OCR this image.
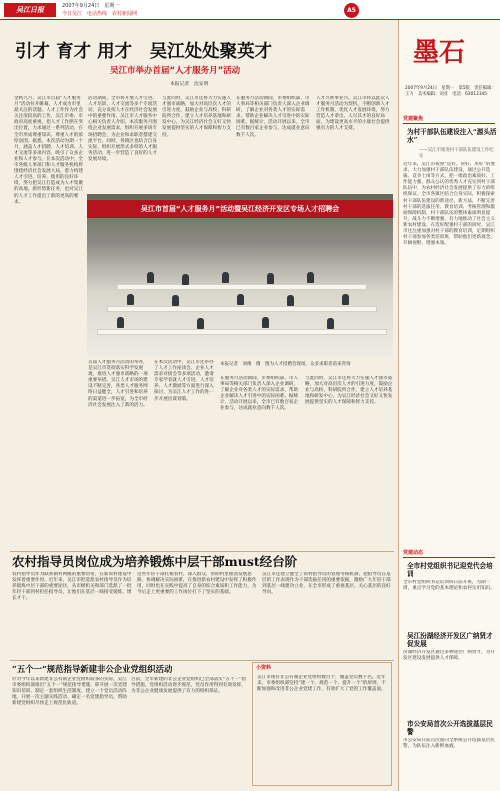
吴江日报	2007年9月24日　星期一
今日吴江　电话热线　农村新闻网	A5
引才 育才 用才　吴江处处聚英才
吴江市举办首届“人才服务月”活动
本报记者　沈安明
金秋九月，吴江市首届“人才服务月”活动拉开帷幕，人才成为市里最关注的话题。人才工作作为社会关注度较高的工作，吴江市委、市政府高度重视，把人才工作摆在突出位置，力求通过一系列活动，在全市形成尊重知识、尊重人才的浓厚氛围。据悉，本次活动为期一个月，涵盖人才招聘、人才培训、人才交流等多项内容，吸引了众多企业和人才参与。在本次活动中，全市各级人事部门和人才服务机构将围绕经济社会发展大局，着力构建人才引进、培养、使用的良好环境，努力把吴江打造成为人才集聚的高地。新形势新任务，也对吴江的人才工作提出了新的更高的要求。
活动期间，全市将开展人才引进、人才培训、人才交流等多个专项活动，充分发挥人才在经济社会发展中的重要作用。吴江市人才服务中心相关负责人介绍，本次服务月围绕企业发展需求，组织开展多场专场招聘会，为企业和求职者搭建交流平台。同时，各镇区也结合自身实际，组织开展形式多样的人才服务活动，进一步营造了良好的人才发展环境。
与此同时，吴江市还将大力实施人才强市战略，加大对高层次人才的引进力度，鼓励企业与高校、科研院所合作，建立人才培养基地和研发中心，为吴江经济社会又好又快发展提供坚实的人才保障和智力支持。
在服务月活动期间，市委组织部、市人事局等相关部门负责人深入企业调研，了解企业对各类人才的实际需求，帮助企业解决人才引进中的实际困难。据统计，活动开展以来，全市已有数百家企业参与，达成就业意向数千人次。
人才兴则事业兴。吴江市将以此次人才服务月活动为契机，不断创新人才工作机制，优化人才发展环境，努力营造人才辈出、人尽其才的良好局面，为建设更高水平的小康社会提供强有力的人才支撑。
吴江市首届“人才服务月”活动暨吴江经济开发区专场人才招聘会
首届人才服务月活动的举办，是吴江市贯彻落实科学发展观、推进人才强市战略的一项重要举措。吴江人才市场的建设不断完善，各类人才服务网络日益健全，人才引进和培养的渠道进一步拓宽，为全市经济社会发展注入了新的活力。
在本次活动中，吴江市还举办了人才工作座谈会、企业人才需求对接会等多项活动，邀请专家学者就人才引进、人才培养、人才激励等方面进行深入探讨，为吴江人才工作的进一步开展出谋划策。
本报记者　刘俊　摄　图为人才招聘会现场，众多求职者前来咨询
在服务月活动期间，市委组织部、市人事局等相关部门负责人深入企业调研，了解企业对各类人才的实际需求，帮助企业解决人才引进中的实际困难。据统计，活动开展以来，全市已有数百家企业参与，达成就业意向数千人次。
与此同时，吴江市还将大力实施人才强市战略，加大对高层次人才的引进力度，鼓励企业与高校、科研院所合作，建立人才培养基地和研发中心，为吴江经济社会又好又快发展提供坚实的人才保障和智力支持。
农村指导员岗位成为培养锻炼中层干部must经台阶
农村指导员作为联系镇村两级的重要纽带，在新农村建设中发挥着重要作用。近年来，吴江市把选派农村指导员作为培养锻炼中层干部的重要途径，从市级机关和部门选派了一批年轻干部到村担任指导员，让他们在基层一线接受锻炼、增长才干。
这些年轻干部扎根农村，深入群众，帮助村里理清发展思路，协调解决实际困难，在推进新农村建设中发挥了积极作用，同时也在实践中提高了自身的综合素质和工作能力，为今后走上更重要的工作岗位打下了坚实的基础。
吴江市还建立健全了农村指导员的管理考核机制，把指导员在基层的工作表现作为干部选拔任用的重要依据，激励广大年轻干部到基层一线建功立业，在全市形成了重视基层、关心基层的良好导向。
“五个一”规范指导新建非公企业党组织活动
针对今年以来新建非公有制企业党组织较多的实际，吴江市委组织部推出“五个一”规范指导措施，即开展一次党建知识培训、制定一套组织生活制度、建立一个党员活动阵地、开展一次主题实践活动、确定一名党建指导员，帮助新建党组织尽快走上规范化轨道。
目前，全市新建的非公企业党组织已全部落实“五个一”指导措施，党组织活动逐步规范，党员作用得到有效发挥，为非公企业健康发展提供了有力的组织保证。
小资料
吴江市现有非公有制企业党组织数百个，覆盖党员数千名。近年来，市委组织部坚持“建一个、规范一个、提升一个”的原则，不断加强和改进非公企业党建工作，有效扩大了党的工作覆盖面。
墨石
2007年9月24日　星期一　第5版　责任编辑：王力　美术编辑：刘亚　电话：63012345
党建聚焦
为村干部队伍建设注入“源头活水”
——吴江市推进村干部队伍建设工作纪实
近年来，吴江市按照“选好、管好、用好”的要求，大力加强村干部队伍建设，通过公开选拔、竞争上岗等方式，把一批政治素质好、工作能力强、群众公认的优秀人才充实到村干部队伍中，为农村经济社会发展提供了有力的组织保证。全市各镇区结合自身实际，积极探索村干部队伍建设的新途径、新方法，不断完善村干部的选拔任用、教育培训、考核管理和激励保障机制，村干部队伍的整体素质明显提升，战斗力不断增强，有力地推动了社会主义新农村建设。在选好配强村干部的同时，吴江市还注重加强对村干部的教育培训，定期组织村干部参加各类培训班，帮助他们更新观念、开阔视野、增强本领。
党建动态
全市村党组织书记迎党代会培训
全市村党组织书记培训班日前开班，为期一周，重点学习党的基本理论和农村实用知识。
吴江汾湖经济开发区广纳贤才促发展
汾湖经济开发区通过多种途径广纳贤才，为开发区建设发展提供人才保障。
市公安局首次公开选拔基层民警
市公安局日前首次面向全系统公开选拔基层民警，为队伍注入新鲜血液。
